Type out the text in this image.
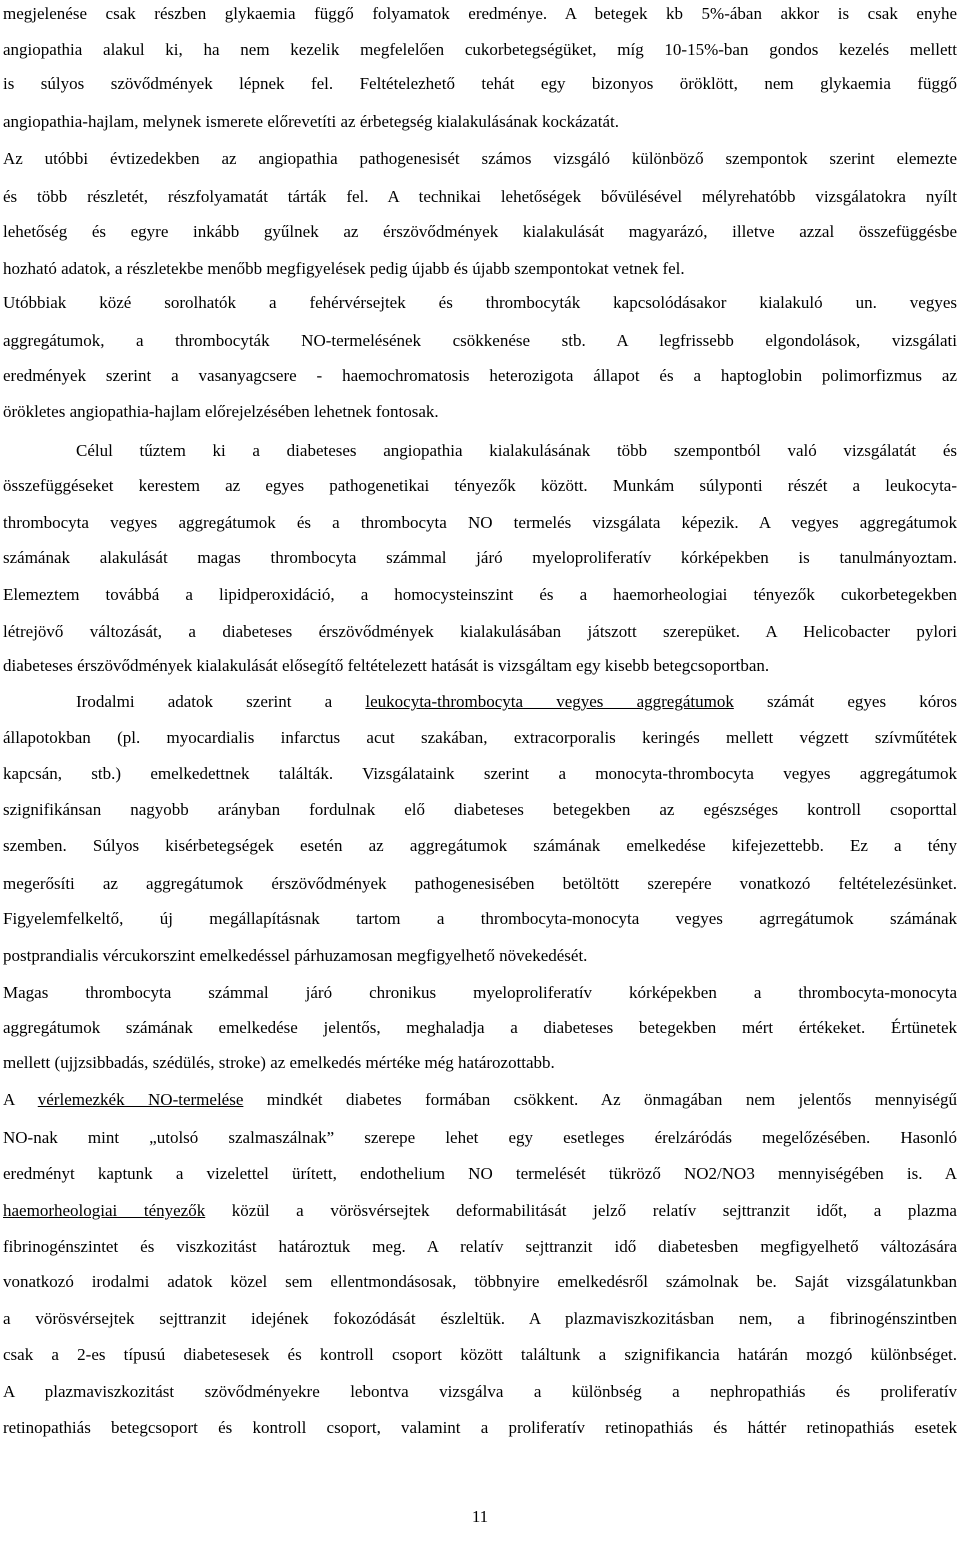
megjelenése csak részben glykaemia függő folyamatok eredménye. A betegek kb 5%-ában akkor is csak enyhe
angiopathia alakul ki, ha nem kezelik megfelelően cukorbetegségüket, míg 10-15%-ban gondos kezelés mellett
is súlyos szövődmények lépnek fel. Feltételezhető tehát egy bizonyos öröklött, nem glykaemia függő
angiopathia-hajlam, melynek ismerete előrevetíti az érbetegség kialakulásának kockázatát.
Az utóbbi évtizedekben az angiopathia pathogenesisét számos vizsgáló különböző szempontok szerint elemezte
és több részletét, részfolyamatát tárták fel. A technikai lehetőségek bővülésével mélyrehatóbb vizsgálatokra nyílt
lehetőség és egyre inkább gyűlnek az érszövődmények kialakulását magyarázó, illetve azzal összefüggésbe
hozható adatok, a részletekbe menőbb megfigyelések pedig újabb és újabb szempontokat vetnek fel.
Utóbbiak közé sorolhatók a fehérvérsejtek és thrombocyták kapcsolódásakor kialakuló un. vegyes
aggregátumok, a thrombocyták NO-termelésének csökkenése stb. A legfrissebb elgondolások, vizsgálati
eredmények szerint a vasanyagcsere - haemochromatosis heterozigota állapot és a haptoglobin polimorfizmus az
örökletes angiopathia-hajlam előrejelzésében lehetnek fontosak.
Célul tűztem ki a diabeteses angiopathia kialakulásának több szempontból való vizsgálatát és
összefüggéseket kerestem az egyes pathogenetikai tényezők között. Munkám súlyponti részét a leukocyta-
thrombocyta vegyes aggregátumok és a thrombocyta NO termelés vizsgálata képezik. A vegyes aggregátumok
számának alakulását magas thrombocyta számmal járó myeloproliferatív kórképekben is tanulmányoztam.
Elemeztem továbbá a lipidperoxidáció, a homocysteinszint és a haemorheologiai tényezők cukorbetegekben
létrejövő változását, a diabeteses érszövődmények kialakulásában játszott szerepüket. A Helicobacter pylori
diabeteses érszövődmények kialakulását elősegítő feltételezett hatását is vizsgáltam egy kisebb betegcsoportban.
Irodalmi adatok szerint a leukocyta-thrombocyta vegyes aggregátumok számát egyes kóros
állapotokban (pl. myocardialis infarctus acut szakában, extracorporalis keringés mellett végzett szívműtétek
kapcsán, stb.) emelkedettnek találták. Vizsgálataink szerint a monocyta-thrombocyta vegyes aggregátumok
szignifikánsan nagyobb arányban fordulnak elő diabeteses betegekben az egészséges kontroll csoporttal
szemben. Súlyos kisérbetegségek esetén az aggregátumok számának emelkedése kifejezettebb. Ez a tény
megerősíti az aggregátumok érszövődmények pathogenesisében betöltött szerepére vonatkozó feltételezésünket.
Figyelemfelkeltő, új megállapításnak tartom a thrombocyta-monocyta vegyes agrregátumok számának
postprandialis vércukorszint emelkedéssel párhuzamosan megfigyelhető növekedését.
Magas thrombocyta számmal járó chronikus myeloproliferatív kórképekben a thrombocyta-monocyta
aggregátumok számának emelkedése jelentős, meghaladja a diabeteses betegekben mért értékeket. Értünetek
mellett (ujjzsibbadás, szédülés, stroke) az emelkedés mértéke még határozottabb.
A vérlemezkék NO-termelése mindkét diabetes formában csökkent. Az önmagában nem jelentős mennyiségű
NO-nak mint „utolsó szalmaszálnak” szerepe lehet egy esetleges érelzáródás megelőzésében. Hasonló
eredményt kaptunk a vizelettel ürített, endothelium NO termelését tükröző NO2/NO3 mennyiségében is. A
haemorheologiai tényezők közül a vörösvérsejtek deformabilitását jelző relatív sejttranzit időt, a plazma
fibrinogénszintet és viszkozitást határoztuk meg. A relatív sejttranzit idő diabetesben megfigyelhető változására
vonatkozó irodalmi adatok közel sem ellentmondásosak, többnyire emelkedésről számolnak be. Saját vizsgálatunkban
a vörösvérsejtek sejttranzit idejének fokozódását észleltük. A plazmaviszkozitásban nem, a fibrinogénszintben
csak a 2-es típusú diabetesesek és kontroll csoport között találtunk a szignifikancia határán mozgó különbséget.
A plazmaviszkozitást szövődményekre lebontva vizsgálva a különbség a nephropathiás és proliferatív
retinopathiás betegcsoport és kontroll csoport, valamint a proliferatív retinopathiás és háttér retinopathiás esetek
11
